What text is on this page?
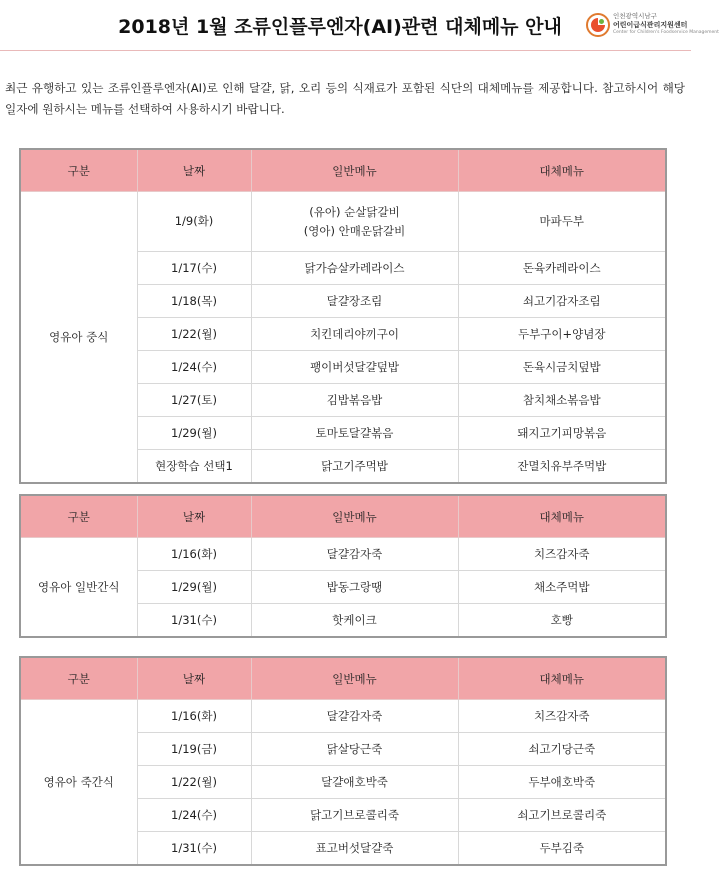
2018년 1월 조류인플루엔자(AI)관련 대체메뉴 안내	인천광역시남구
어린이급식관리지원센터
Center for Children's Foodservice Management
최근 유행하고 있는 조류인플루엔자(AI)로 인해 달걀, 닭, 오리 등의 식재료가 포함된 식단의 대체메뉴를 제공합니다. 참고하시어 해당일자에 원하시는 메뉴를 선택하여 사용하시기 바랍니다.
구분	날짜	일반메뉴	대체메뉴
영유아 중식	1/9(화)	(유아) 순살닭갈비
(영아) 안매운닭갈비	마파두부
	1/17(수)	닭가슴살카레라이스	돈육카레라이스
	1/18(목)	달걀장조림	쇠고기감자조림
	1/22(월)	치킨데리야끼구이	두부구이+양념장
	1/24(수)	팽이버섯달걀덮밥	돈육시금치덮밥
	1/27(토)	김밥볶음밥	참치채소볶음밥
	1/29(월)	토마토달걀볶음	돼지고기피망볶음
	현장학습 선택1	닭고기주먹밥	잔멸치유부주먹밥
구분	날짜	일반메뉴	대체메뉴
영유아 일반간식	1/16(화)	달걀감자죽	치즈감자죽
	1/29(월)	밥동그랑땡	채소주먹밥
	1/31(수)	핫케이크	호빵
구분	날짜	일반메뉴	대체메뉴
영유아 죽간식	1/16(화)	달걀감자죽	치즈감자죽
	1/19(금)	닭살당근죽	쇠고기당근죽
	1/22(월)	달걀애호박죽	두부애호박죽
	1/24(수)	닭고기브로콜리죽	쇠고기브로콜리죽
	1/31(수)	표고버섯달걀죽	두부김죽
